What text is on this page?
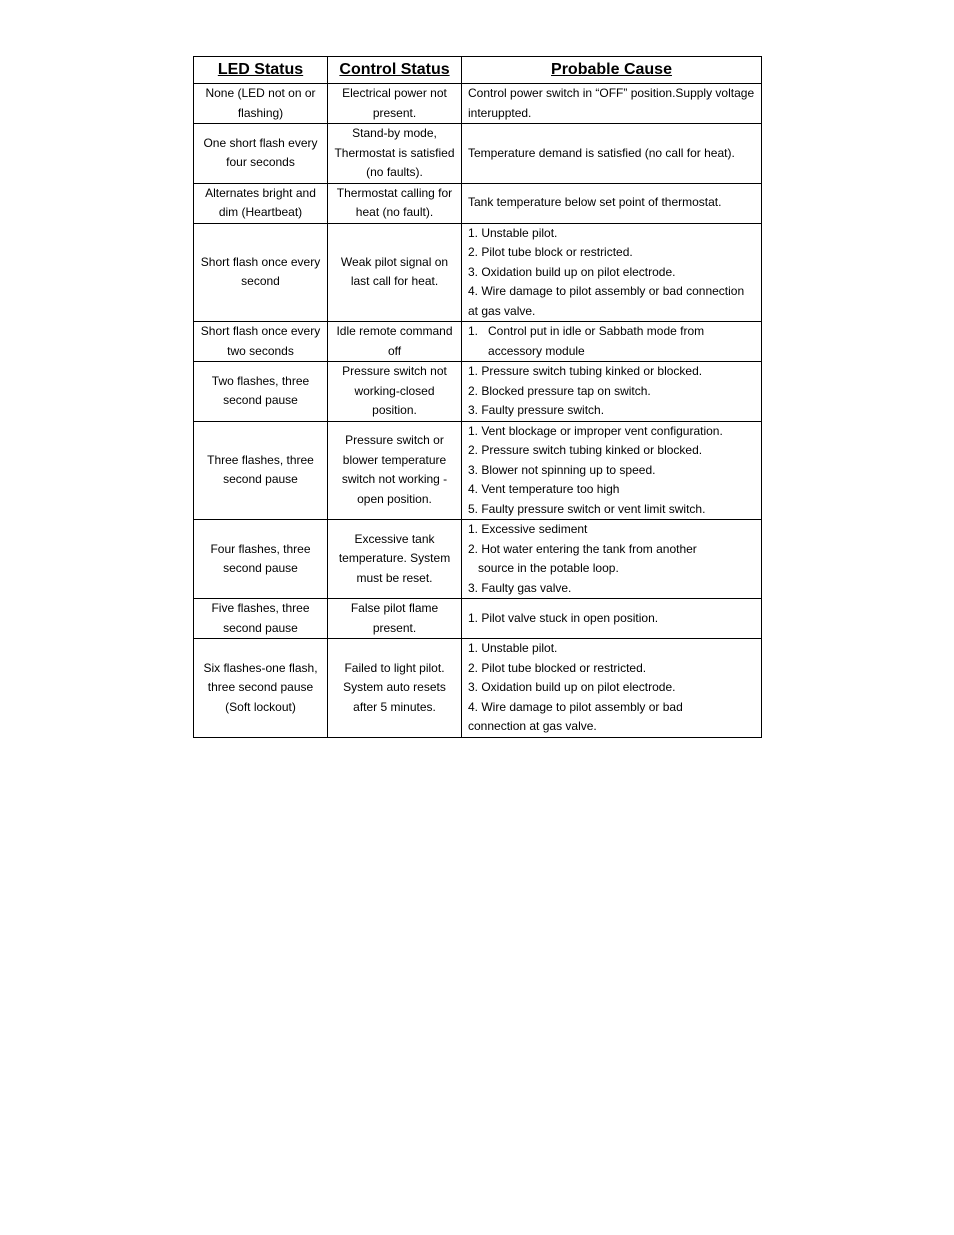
LED Status	Control Status	Probable Cause
None (LED not on or flashing)	Electrical power not present.	Control power switch in “OFF” position.Supply voltage interuppted.

One short flash every four seconds	Stand-by mode, Thermostat is satisfied (no faults).	Temperature demand is satisfied (no call for heat).

Alternates bright and dim (Heartbeat)	Thermostat calling for heat (no fault).	Tank temperature below set point of thermostat.

Short flash once every second	Weak pilot signal on last call for heat.	1. Unstable pilot.
2. Pilot tube block or restricted.
3. Oxidation build up on pilot electrode.
4. Wire damage to pilot assembly or bad connection
at gas valve.

Short flash once every two seconds	Idle remote command off	1.   Control put in idle or Sabbath mode from
accessory module

Two flashes, three second pause	Pressure switch not working-closed position.	1. Pressure switch tubing kinked or blocked.
2. Blocked pressure tap on switch.
3. Faulty pressure switch.

Three flashes, three second pause	Pressure switch or blower temperature switch not working - open position.	1. Vent blockage or improper vent configuration.
2. Pressure switch tubing kinked or blocked.
3. Blower not spinning up to speed.
4. Vent temperature too high
5. Faulty pressure switch or vent limit switch.

Four flashes, three second pause	Excessive tank temperature. System must be reset.	1. Excessive sediment
2. Hot water entering the tank from another
source in the potable loop.
3. Faulty gas valve.

Five flashes, three second pause	False pilot flame present.	1. Pilot valve stuck in open position.

Six flashes-one flash, three second pause (Soft lockout)	Failed to light pilot. System auto resets after 5 minutes.	1. Unstable pilot.
2. Pilot tube blocked or restricted.
3. Oxidation build up on pilot electrode.
4. Wire damage to pilot assembly or bad
connection at gas valve.
